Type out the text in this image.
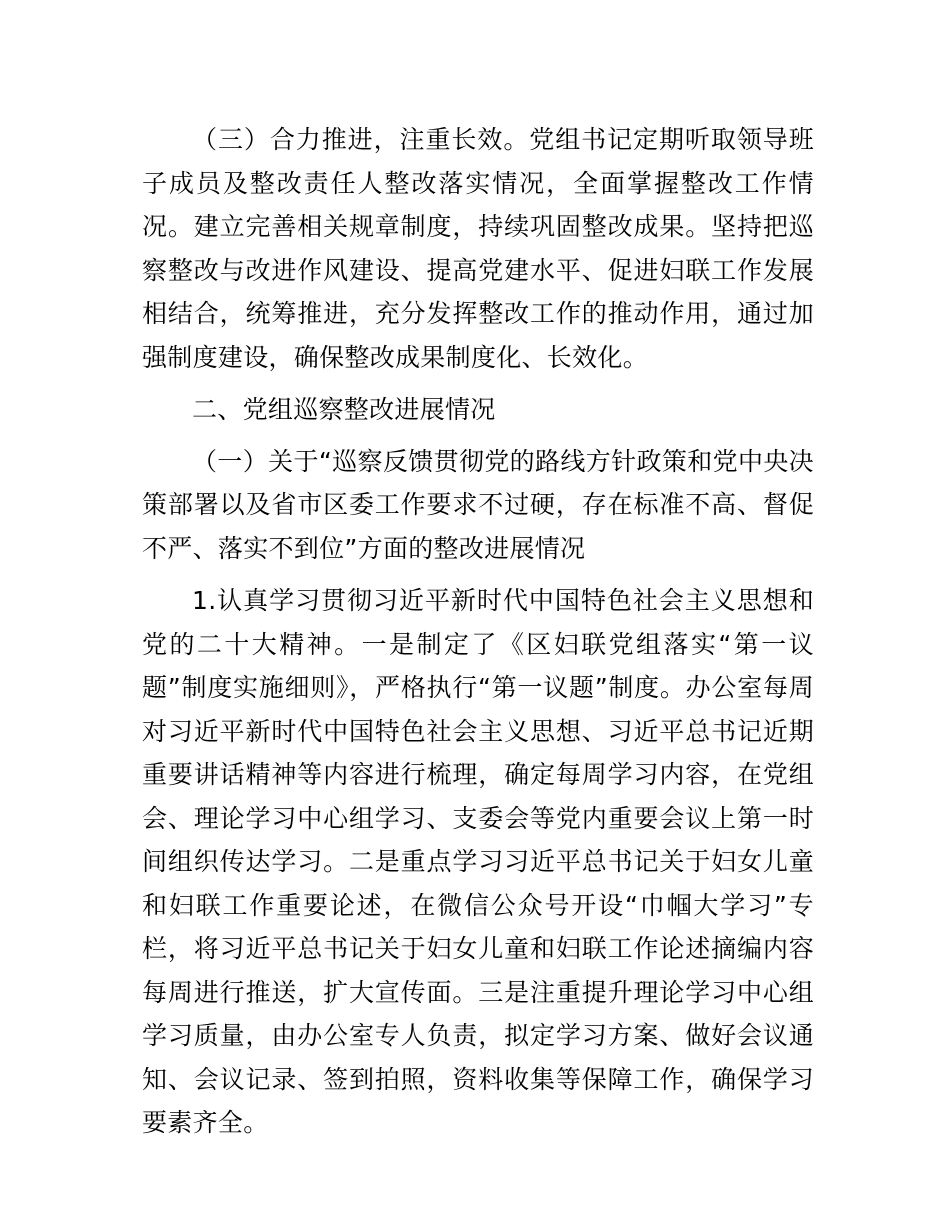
（三）合力推进，注重长效。党组书记定期听取领导班子成员及整改责任人整改落实情况，全面掌握整改工作情况。建立完善相关规章制度，持续巩固整改成果。坚持把巡察整改与改进作风建设、提高党建水平、促进妇联工作发展相结合，统筹推进，充分发挥整改工作的推动作用，通过加强制度建设，确保整改成果制度化、长效化。

二、党组巡察整改进展情况

（一）关于“巡察反馈贯彻党的路线方针政策和党中央决策部署以及省市区委工作要求不过硬，存在标准不高、督促不严、落实不到位”方面的整改进展情况

1.认真学习贯彻习近平新时代中国特色社会主义思想和党的二十大精神。一是制定了《区妇联党组落实“第一议题”制度实施细则》，严格执行“第一议题”制度。办公室每周对习近平新时代中国特色社会主义思想、习近平总书记近期重要讲话精神等内容进行梳理，确定每周学习内容，在党组会、理论学习中心组学习、支委会等党内重要会议上第一时间组织传达学习。二是重点学习习近平总书记关于妇女儿童和妇联工作重要论述，在微信公众号开设“巾帼大学习”专栏，将习近平总书记关于妇女儿童和妇联工作论述摘编内容每周进行推送，扩大宣传面。三是注重提升理论学习中心组学习质量，由办公室专人负责，拟定学习方案、做好会议通知、会议记录、签到拍照，资料收集等保障工作，确保学习要素齐全。
